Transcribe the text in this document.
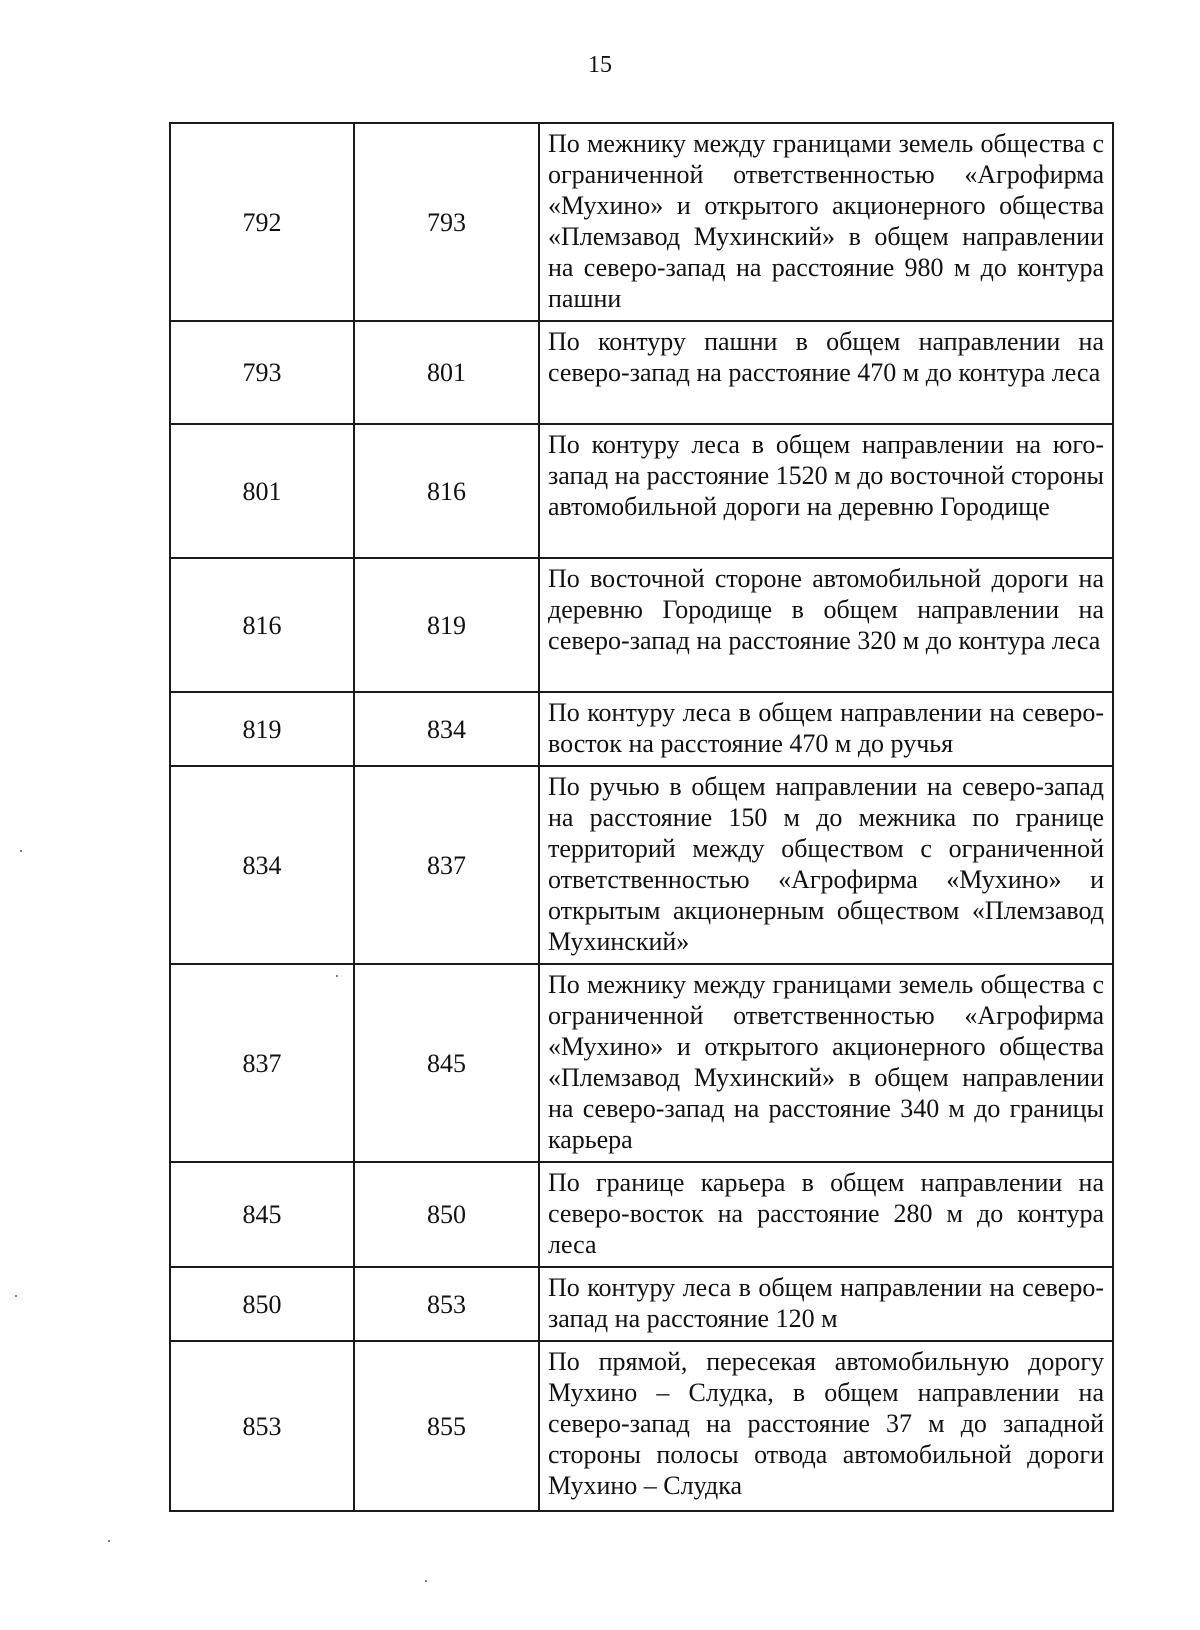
15
792	793	По межнику между границами земель общества с ограниченной ответственностью «Агрофирма «Мухино» и открытого акционерного общества «Племзавод Мухинский» в общем направлении на северо-запад на расстояние 980 м до контура пашни
793	801	По контуру пашни в общем направлении на северо-запад на расстояние 470 м до контура леса
801	816	По контуру леса в общем направлении на юго-запад на расстояние 1520 м до восточной стороны автомобильной дороги на деревню Городище
816	819	По восточной стороне автомобильной дороги на деревню Городище в общем направлении на северо-запад на расстояние 320 м до контура леса
819	834	По контуру леса в общем направлении на северо-восток на расстояние 470 м до ручья
834	837	По ручью в общем направлении на северо-запад на расстояние 150 м до межника по границе территорий между обществом с ограниченной ответственностью «Агрофирма «Мухино» и открытым акционерным обществом «Племзавод Мухинский»
837	845	По межнику между границами земель общества с ограниченной ответственностью «Агрофирма «Мухино» и открытого акционерного общества «Племзавод Мухинский» в общем направлении на северо-запад на расстояние 340 м до границы карьера
845	850	По границе карьера в общем направлении на северо-восток на расстояние 280 м до контура леса
850	853	По контуру леса в общем направлении на северо-запад на расстояние 120 м
853	855	По прямой, пересекая автомобильную дорогу Мухино – Слудка, в общем направлении на северо-запад на расстояние 37 м до западной стороны полосы отвода автомобильной дороги Мухино – Слудка
